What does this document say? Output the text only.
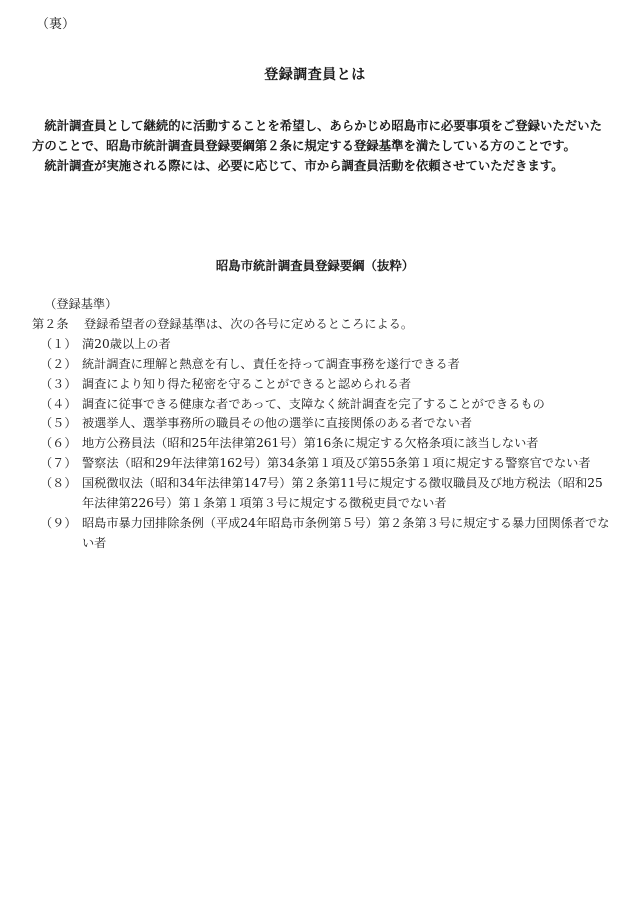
（裏）
登録調査員とは

統計調査員として継続的に活動することを希望し、あらかじめ昭島市に必要事項をご登録いただいた方のことで、昭島市統計調査員登録要綱第２条に規定する登録基準を満たしている方のことです。

統計調査が実施される際には、必要に応じて、市から調査員活動を依頼させていただきます。

昭島市統計調査員登録要綱（抜粋）
（登録基準）
第２条	登録希望者の登録基準は、次の各号に定めるところによる。
（１） 満20歳以上の者
（２） 統計調査に理解と熱意を有し、責任を持って調査事務を遂行できる者
（３） 調査により知り得た秘密を守ることができると認められる者
（４） 調査に従事できる健康な者であって、支障なく統計調査を完了することができるもの
（５） 被選挙人、選挙事務所の職員その他の選挙に直接関係のある者でない者
（６） 地方公務員法（昭和25年法律第261号）第16条に規定する欠格条項に該当しない者
（７） 警察法（昭和29年法律第162号）第34条第１項及び第55条第１項に規定する警察官でない者
（８） 国税徴収法（昭和34年法律第147号）第２条第11号に規定する徴収職員及び地方税法（昭和25年法律第226号）第１条第１項第３号に規定する徴税吏員でない者
（９） 昭島市暴力団排除条例（平成24年昭島市条例第５号）第２条第３号に規定する暴力団関係者でない者
